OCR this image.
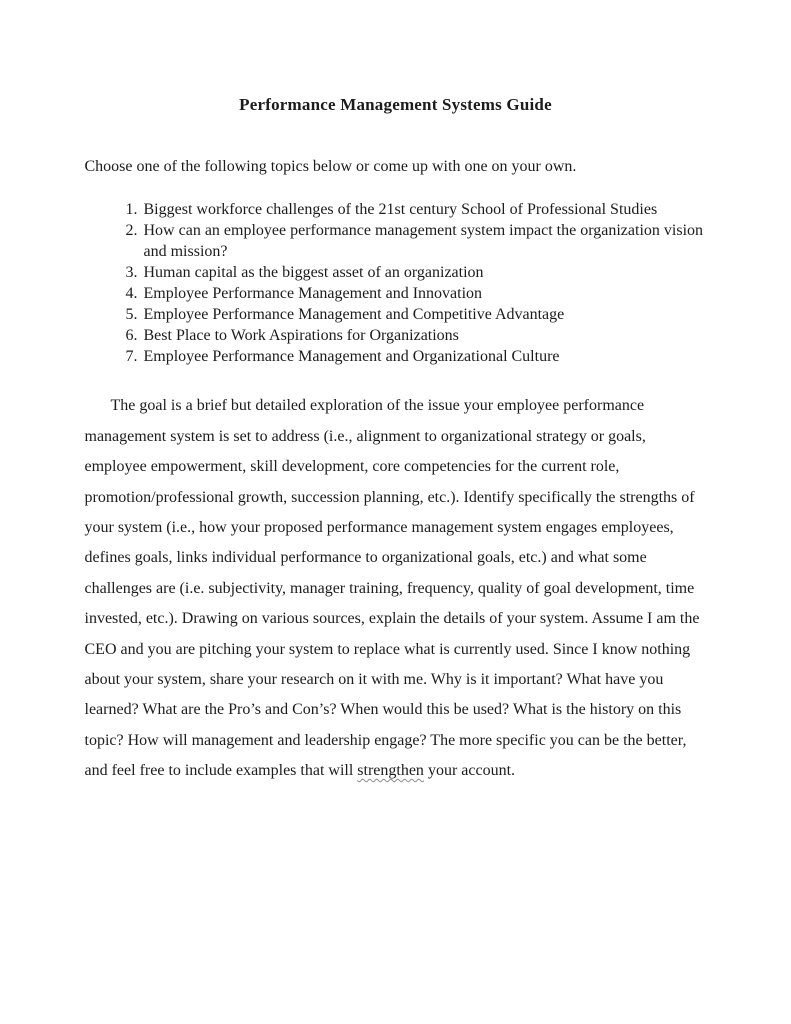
Performance Management Systems Guide

Choose one of the following topics below or come up with one on your own.

1. Biggest workforce challenges of the 21st century School of Professional Studies
2. How can an employee performance management system impact the organization vision and mission?
3. Human capital as the biggest asset of an organization
4. Employee Performance Management and Innovation
5. Employee Performance Management and Competitive Advantage
6. Best Place to Work Aspirations for Organizations
7. Employee Performance Management and Organizational Culture

The goal is a brief but detailed exploration of the issue your employee performance management system is set to address (i.e., alignment to organizational strategy or goals, employee empowerment, skill development, core competencies for the current role, promotion/professional growth, succession planning, etc.). Identify specifically the strengths of your system (i.e., how your proposed performance management system engages employees, defines goals, links individual performance to organizational goals, etc.) and what some challenges are (i.e. subjectivity, manager training, frequency, quality of goal development, time invested, etc.). Drawing on various sources, explain the details of your system. Assume I am the CEO and you are pitching your system to replace what is currently used. Since I know nothing about your system, share your research on it with me. Why is it important? What have you learned? What are the Pro’s and Con’s? When would this be used? What is the history on this topic? How will management and leadership engage? The more specific you can be the better, and feel free to include examples that will strengthen your account.
